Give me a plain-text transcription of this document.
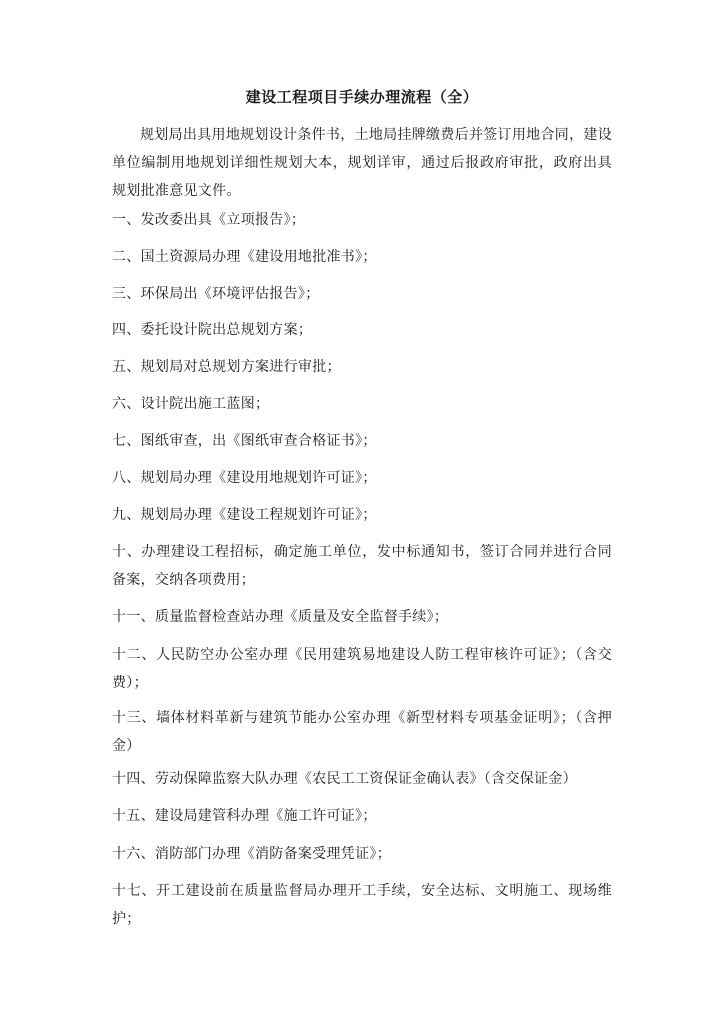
建设工程项目手续办理流程（全）
规划局出具用地规划设计条件书，土地局挂牌缴费后并签订用地合同，建设单位编制用地规划详细性规划大本，规划详审，通过后报政府审批，政府出具规划批准意见文件。

一、发改委出具《立项报告》；

二、国土资源局办理《建设用地批准书》；

三、环保局出《环境评估报告》；

四、委托设计院出总规划方案；

五、规划局对总规划方案进行审批；

六、设计院出施工蓝图；

七、图纸审查，出《图纸审查合格证书》；

八、规划局办理《建设用地规划许可证》；

九、规划局办理《建设工程规划许可证》；

十、办理建设工程招标，确定施工单位，发中标通知书，签订合同并进行合同备案，交纳各项费用；

十一、质量监督检查站办理《质量及安全监督手续》；

十二、人民防空办公室办理《民用建筑易地建设人防工程审核许可证》；（含交费）；

十三、墙体材料革新与建筑节能办公室办理《新型材料专项基金证明》；（含押金）

十四、劳动保障监察大队办理《农民工工资保证金确认表》（含交保证金）

十五、建设局建管科办理《施工许可证》；

十六、消防部门办理《消防备案受理凭证》；

十七、开工建设前在质量监督局办理开工手续，安全达标、文明施工、现场维护；
